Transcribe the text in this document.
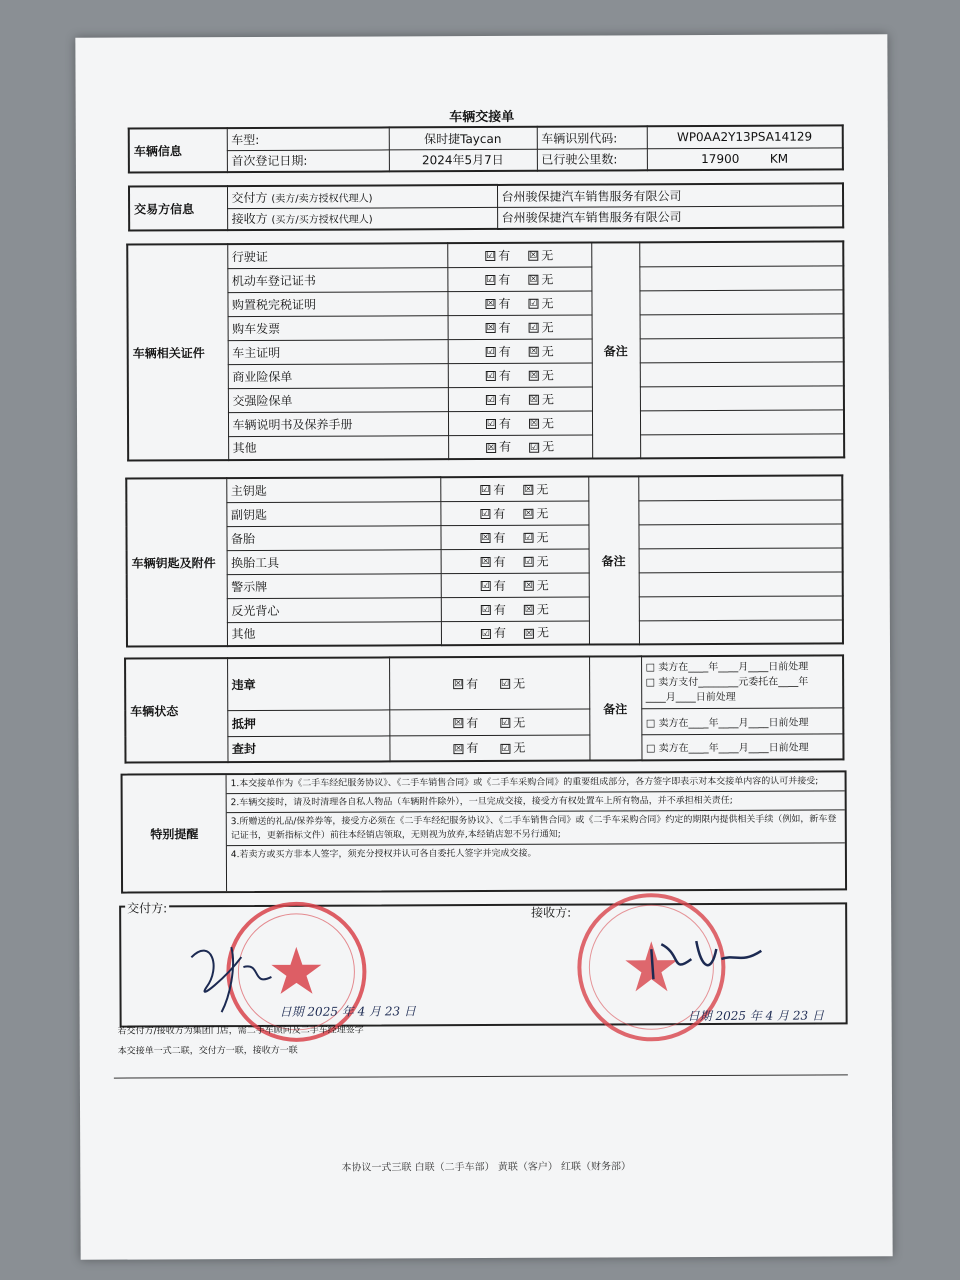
车辆交接单
车辆信息	车型:	保时捷Taycan	车辆识别代码:	WP0AA2Y13PSA14129
	首次登记日期:	2024年5月7日	已行驶公里数:	17900 KM
交易方信息	交付方 (卖方/卖方授权代理人)	台州骏保捷汽车销售服务有限公司
	接收方 (买方/买方授权代理人)	台州骏保捷汽车销售服务有限公司
车辆相关证件	行驶证	☑ 有 ☒ 无	备注	
	机动车登记证书	☑ 有 ☒ 无		
	购置税完税证明	☒ 有 ☑ 无		
	购车发票	☒ 有 ☑ 无		
	车主证明	☑ 有 ☒ 无		
	商业险保单	☑ 有 ☒ 无		
	交强险保单	☑ 有 ☒ 无		
	车辆说明书及保养手册	☑ 有 ☒ 无		
	其他	☒ 有 ☑ 无		
车辆钥匙及附件	主钥匙	☑ 有 ☒ 无	备注	
	副钥匙	☑ 有 ☒ 无		
	备胎	☒ 有 ☑ 无		
	换胎工具	☒ 有 ☑ 无		
	警示牌	☑ 有 ☒ 无		
	反光背心	☑ 有 ☒ 无		
	其他	☑ 有 ☒ 无		
车辆状态	违章	☒ 有 ☑ 无	备注	□ 卖方在____年____月____日前处理
□ 卖方支付________元委托在____年
____月____日前处理

	抵押	☒ 有 ☑ 无		□ 卖方在____年____月____日前处理
	查封	☒ 有 ☑ 无		□ 卖方在____年____月____日前处理
特别提醒
1.本交接单作为《二手车经纪服务协议》、《二手车销售合同》或《二手车采购合同》的重要组成部分，各方签字即表示对本交接单内容的认可并接受;
2.车辆交接时，请及时清理各自私人物品（车辆附件除外），一旦完成交接，接受方有权处置车上所有物品，并不承担相关责任;
3.所赠送的礼品/保养券等，接受方必须在《二手车经纪服务协议》、《二手车销售合同》或《二手车采购合同》约定的期限内提供相关手续（例如，新车登记证书，更新指标文件）前往本经销店领取，无则视为放弃,本经销店恕不另行通知;
4.若卖方或买方非本人签字，须充分授权并认可各自委托人签字并完成交接。
交付方:	接收方:
日期 2025 年 4 月 23 日	日期 2025 年 4 月 23 日
若交付方/接收方为集团门店，需二手车顾问及二手车经理签字
本交接单一式二联，交付方一联，接收方一联
本协议一式三联 白联（二手车部） 黄联（客户） 红联（财务部）
